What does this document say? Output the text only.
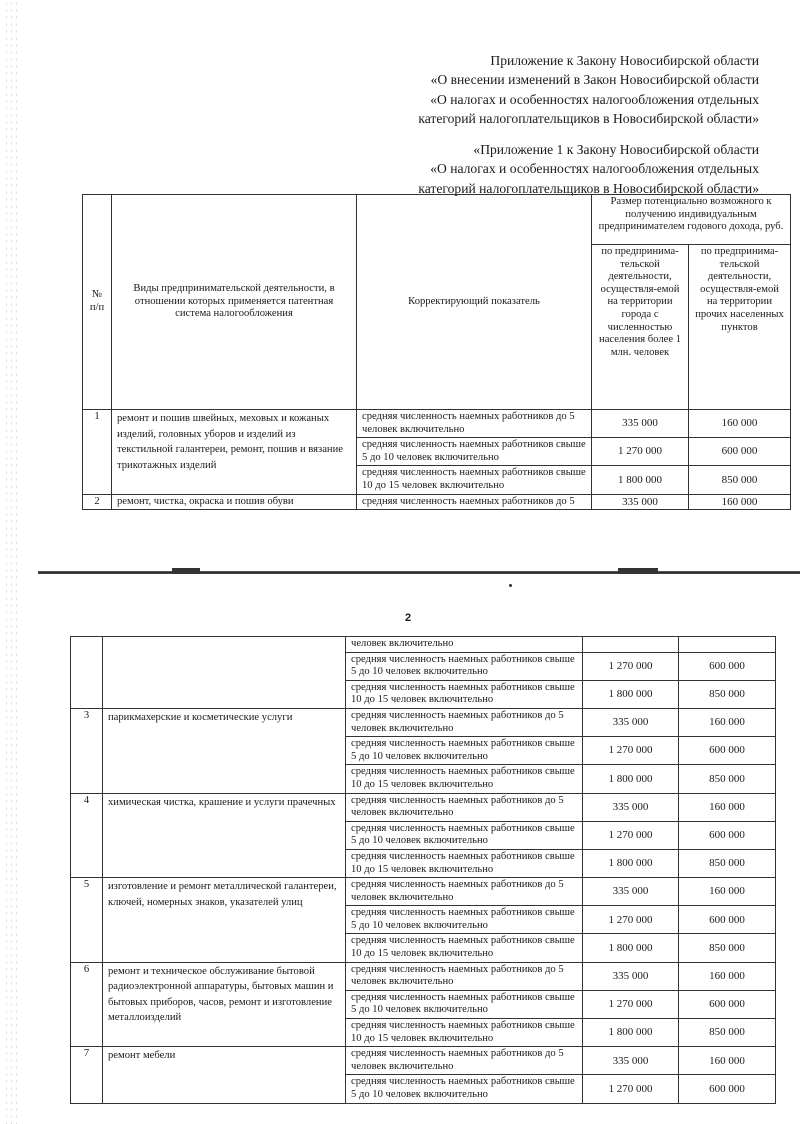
Приложение к Закону Новосибирской области
«О внесении изменений в Закон Новосибирской области
«О налогах и особенностях налогообложения отдельных
категорий налогоплательщиков в Новосибирской области»
«Приложение 1 к Закону Новосибирской области
«О налогах и особенностях налогообложения отдельных
категорий налогоплательщиков в Новосибирской области»
№ п/п	Виды предпринимательской деятельности, в отношении которых применяется патентная система налогообложения	Корректирующий показатель	Размер потенциально возможного к получению индивидуальным предпринимателем годового дохода, руб.	
			по предпринима-тельской деятельности, осуществля-емой на территории города с численностью населения более 1 млн. человек	по предпринима-тельской деятельности, осуществля-емой на территории прочих населенных пунктов
1	ремонт и пошив швейных, меховых и кожаных изделий, головных уборов и изделий из текстильной галантереи, ремонт, пошив и вязание трикотажных изделий	средняя численность наемных работников до 5 человек включительно	335 000	160 000
		средняя численность наемных работников свыше 5 до 10 человек включительно	1 270 000	600 000
		средняя численность наемных работников свыше 10 до 15 человек включительно	1 800 000	850 000
2	ремонт, чистка, окраска и пошив обуви	средняя численность наемных работников до 5	335 000	160 000
2
		человек включительно		
		средняя численность наемных работников свыше 5 до 10 человек включительно	1 270 000	600 000
		средняя численность наемных работников свыше 10 до 15 человек включительно	1 800 000	850 000
3	парикмахерские и косметические услуги	средняя численность наемных работников до 5 человек включительно	335 000	160 000
		средняя численность наемных работников свыше 5 до 10 человек включительно	1 270 000	600 000
		средняя численность наемных работников свыше 10 до 15 человек включительно	1 800 000	850 000
4	химическая чистка, крашение и услуги прачечных	средняя численность наемных работников до 5 человек включительно	335 000	160 000
		средняя численность наемных работников свыше 5 до 10 человек включительно	1 270 000	600 000
		средняя численность наемных работников свыше 10 до 15 человек включительно	1 800 000	850 000
5	изготовление и ремонт металлической галантереи, ключей, номерных знаков, указателей улиц	средняя численность наемных работников до 5 человек включительно	335 000	160 000
		средняя численность наемных работников свыше 5 до 10 человек включительно	1 270 000	600 000
		средняя численность наемных работников свыше 10 до 15 человек включительно	1 800 000	850 000
6	ремонт и техническое обслуживание бытовой радиоэлектронной аппаратуры, бытовых машин и бытовых приборов, часов, ремонт и изготовление металлоизделий	средняя численность наемных работников до 5 человек включительно	335 000	160 000
		средняя численность наемных работников свыше 5 до 10 человек включительно	1 270 000	600 000
		средняя численность наемных работников свыше 10 до 15 человек включительно	1 800 000	850 000
7	ремонт мебели	средняя численность наемных работников до 5 человек включительно	335 000	160 000
		средняя численность наемных работников свыше 5 до 10 человек включительно	1 270 000	600 000
